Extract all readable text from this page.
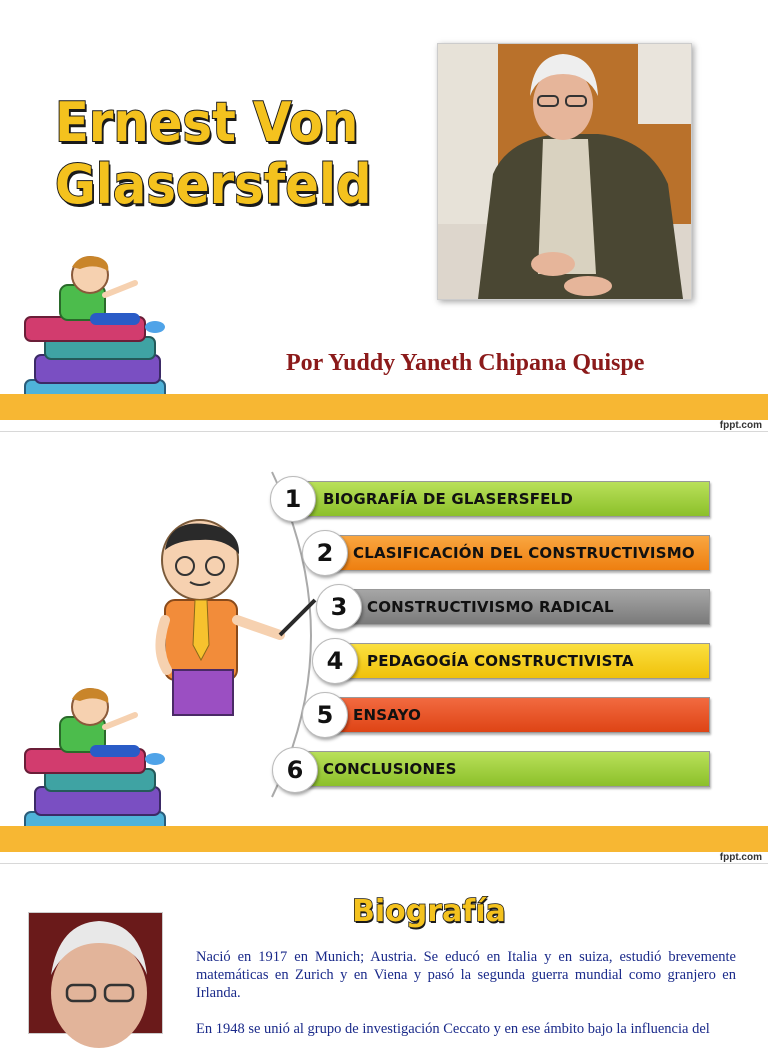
Ernest Von
Glasersfeld
Por Yuddy Yaneth Chipana Quispe
fppt.com
BIOGRAFÍA DE GLASERSFELD
1
CLASIFICACIÓN DEL CONSTRUCTIVISMO
2
CONSTRUCTIVISMO RADICAL
3
PEDAGOGÍA CONSTRUCTIVISTA
4
ENSAYO
5
CONCLUSIONES
6
fppt.com
Biografía

Nació en 1917 en Munich; Austria. Se educó en Italia y en suiza, estudió brevemente matemáticas en Zurich y en Viena y pasó la segunda guerra mundial como granjero en Irlanda.

En 1948 se unió al grupo de investigación Ceccato y en ese ámbito bajo la influencia del
